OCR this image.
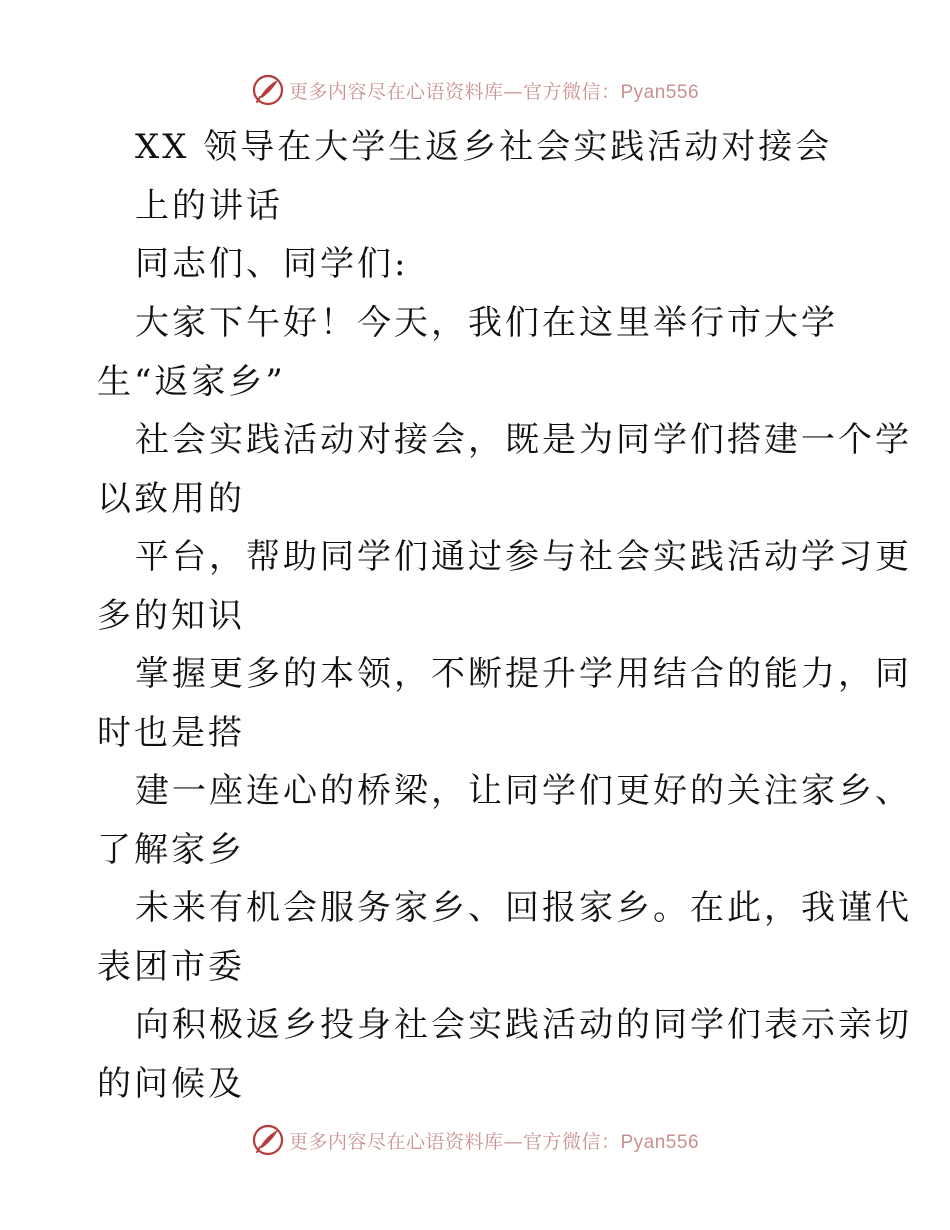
更多内容尽在心语资料库—官方微信：Pyan556
XX 领导在大学生返乡社会实践活动对接会
上的讲话
同志们、同学们:
大家下午好！今天，我们在这里举行市大学
生“返家乡”
社会实践活动对接会，既是为同学们搭建一个学
以致用的
平台，帮助同学们通过参与社会实践活动学习更
多的知识
掌握更多的本领，不断提升学用结合的能力，同
时也是搭
建一座连心的桥梁，让同学们更好的关注家乡、
了解家乡
未来有机会服务家乡、回报家乡。在此，我谨代
表团市委
向积极返乡投身社会实践活动的同学们表示亲切
的问候及
更多内容尽在心语资料库—官方微信：Pyan556
